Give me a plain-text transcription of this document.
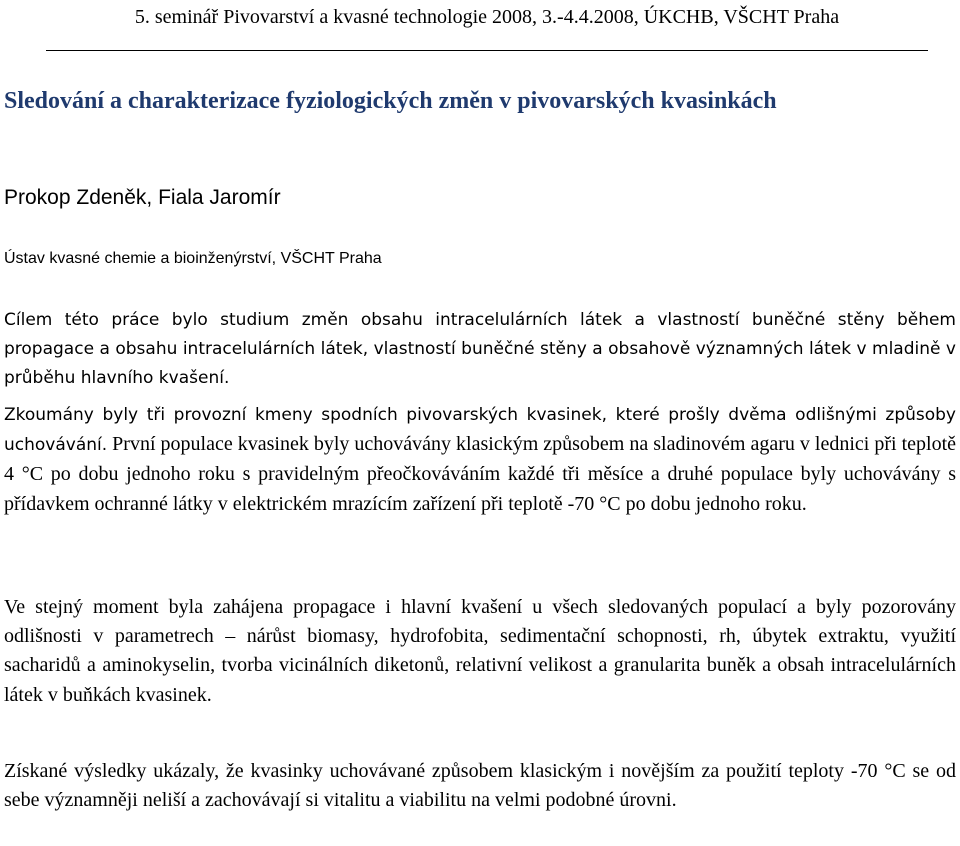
5. seminář Pivovarství a kvasné technologie 2008, 3.-4.4.2008, ÚKCHB, VŠCHT Praha
Sledování a charakterizace fyziologických změn v pivovarských kvasinkách

Prokop Zdeněk, Fiala Jaromír

Ústav kvasné chemie a bioinženýrství, VŠCHT Praha

Cílem této práce bylo studium změn obsahu intracelulárních látek a vlastností buněčné stěny během propagace a obsahu intracelulárních látek, vlastností buněčné stěny a obsahově významných látek v mladině v průběhu hlavního kvašení.

Zkoumány byly tři provozní kmeny spodních pivovarských kvasinek, které prošly dvěma odlišnými způsoby uchovávání. První populace kvasinek byly uchovávány klasickým způsobem na sladinovém agaru v lednici při teplotě 4 °C po dobu jednoho roku s pravidelným přeočkováváním každé tři měsíce a druhé populace byly uchovávány s přídavkem ochranné látky v elektrickém mrazícím zařízení při teplotě -70 °C po dobu jednoho roku.

Ve stejný moment byla zahájena propagace i hlavní kvašení u všech sledovaných populací a byly pozorovány odlišnosti v parametrech – nárůst biomasy, hydrofobita, sedimentační schopnosti, rh, úbytek extraktu, využití sacharidů a aminokyselin, tvorba vicinálních diketonů, relativní velikost a granularita buněk a obsah intracelulárních látek v buňkách kvasinek.

Získané výsledky ukázaly, že kvasinky uchovávané způsobem klasickým i novějším za použití teploty -70 °C se od sebe významněji neliší a zachovávají si vitalitu a viabilitu na velmi podobné úrovni.
